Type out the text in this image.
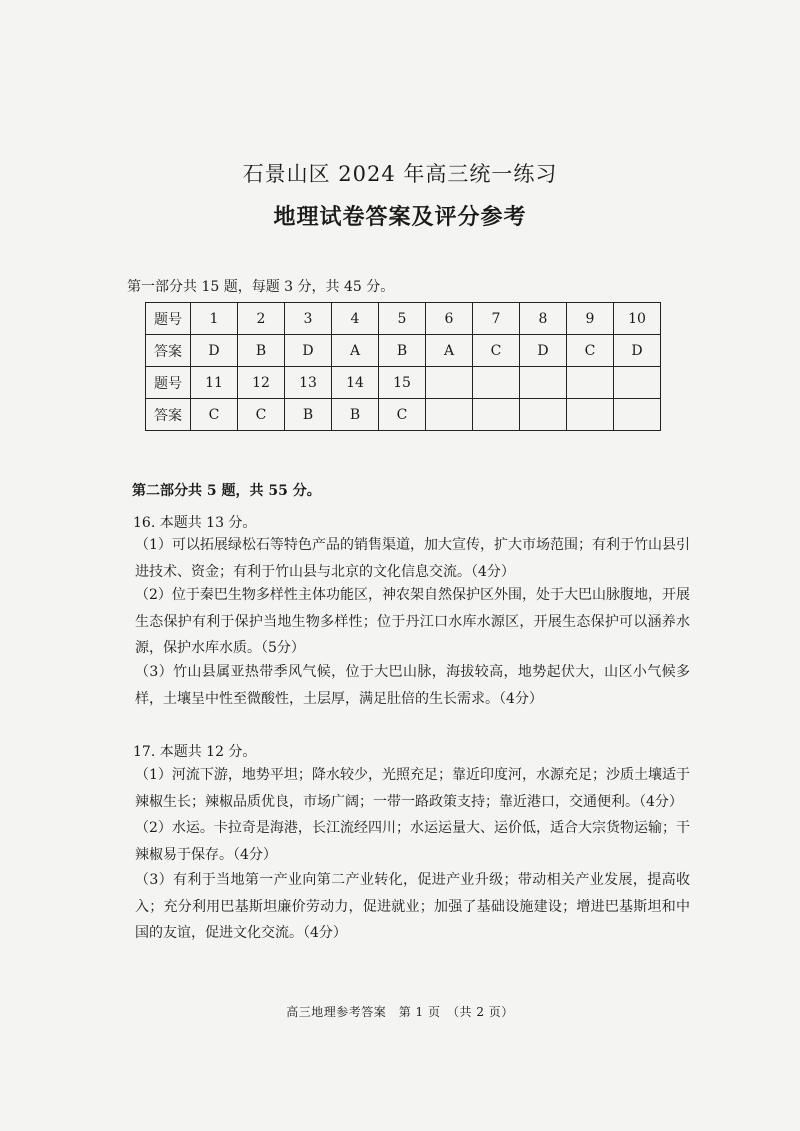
石景山区 2024 年高三统一练习
地理试卷答案及评分参考
第一部分共 15 题，每题 3 分，共 45 分。
题号	1	2	3	4	5	6	7	8	9	10
答案	D	B	D	A	B	A	C	D	C	D
题号	11	12	13	14	15					
答案	C	C	B	B	C					
第二部分共 5 题，共 55 分。
16. 本题共 13 分。
（1）可以拓展绿松石等特色产品的销售渠道，加大宣传，扩大市场范围；有利于竹山县引进技术、资金；有利于竹山县与北京的文化信息交流。（4分）
（2）位于秦巴生物多样性主体功能区，神农架自然保护区外围，处于大巴山脉腹地，开展生态保护有利于保护当地生物多样性；位于丹江口水库水源区，开展生态保护可以涵养水源，保护水库水质。（5分）
（3）竹山县属亚热带季风气候，位于大巴山脉，海拔较高，地势起伏大，山区小气候多样，土壤呈中性至微酸性，土层厚，满足肚倍的生长需求。（4分）
17. 本题共 12 分。
（1）河流下游，地势平坦；降水较少，光照充足；靠近印度河，水源充足；沙质土壤适于辣椒生长；辣椒品质优良，市场广阔；一带一路政策支持；靠近港口，交通便利。（4分）
（2）水运。卡拉奇是海港，长江流经四川；水运运量大、运价低，适合大宗货物运输；干辣椒易于保存。（4分）
（3）有利于当地第一产业向第二产业转化，促进产业升级；带动相关产业发展，提高收入；充分利用巴基斯坦廉价劳动力，促进就业；加强了基础设施建设；增进巴基斯坦和中国的友谊，促进文化交流。（4分）
高三地理参考答案　第 1 页　（共 2 页）
